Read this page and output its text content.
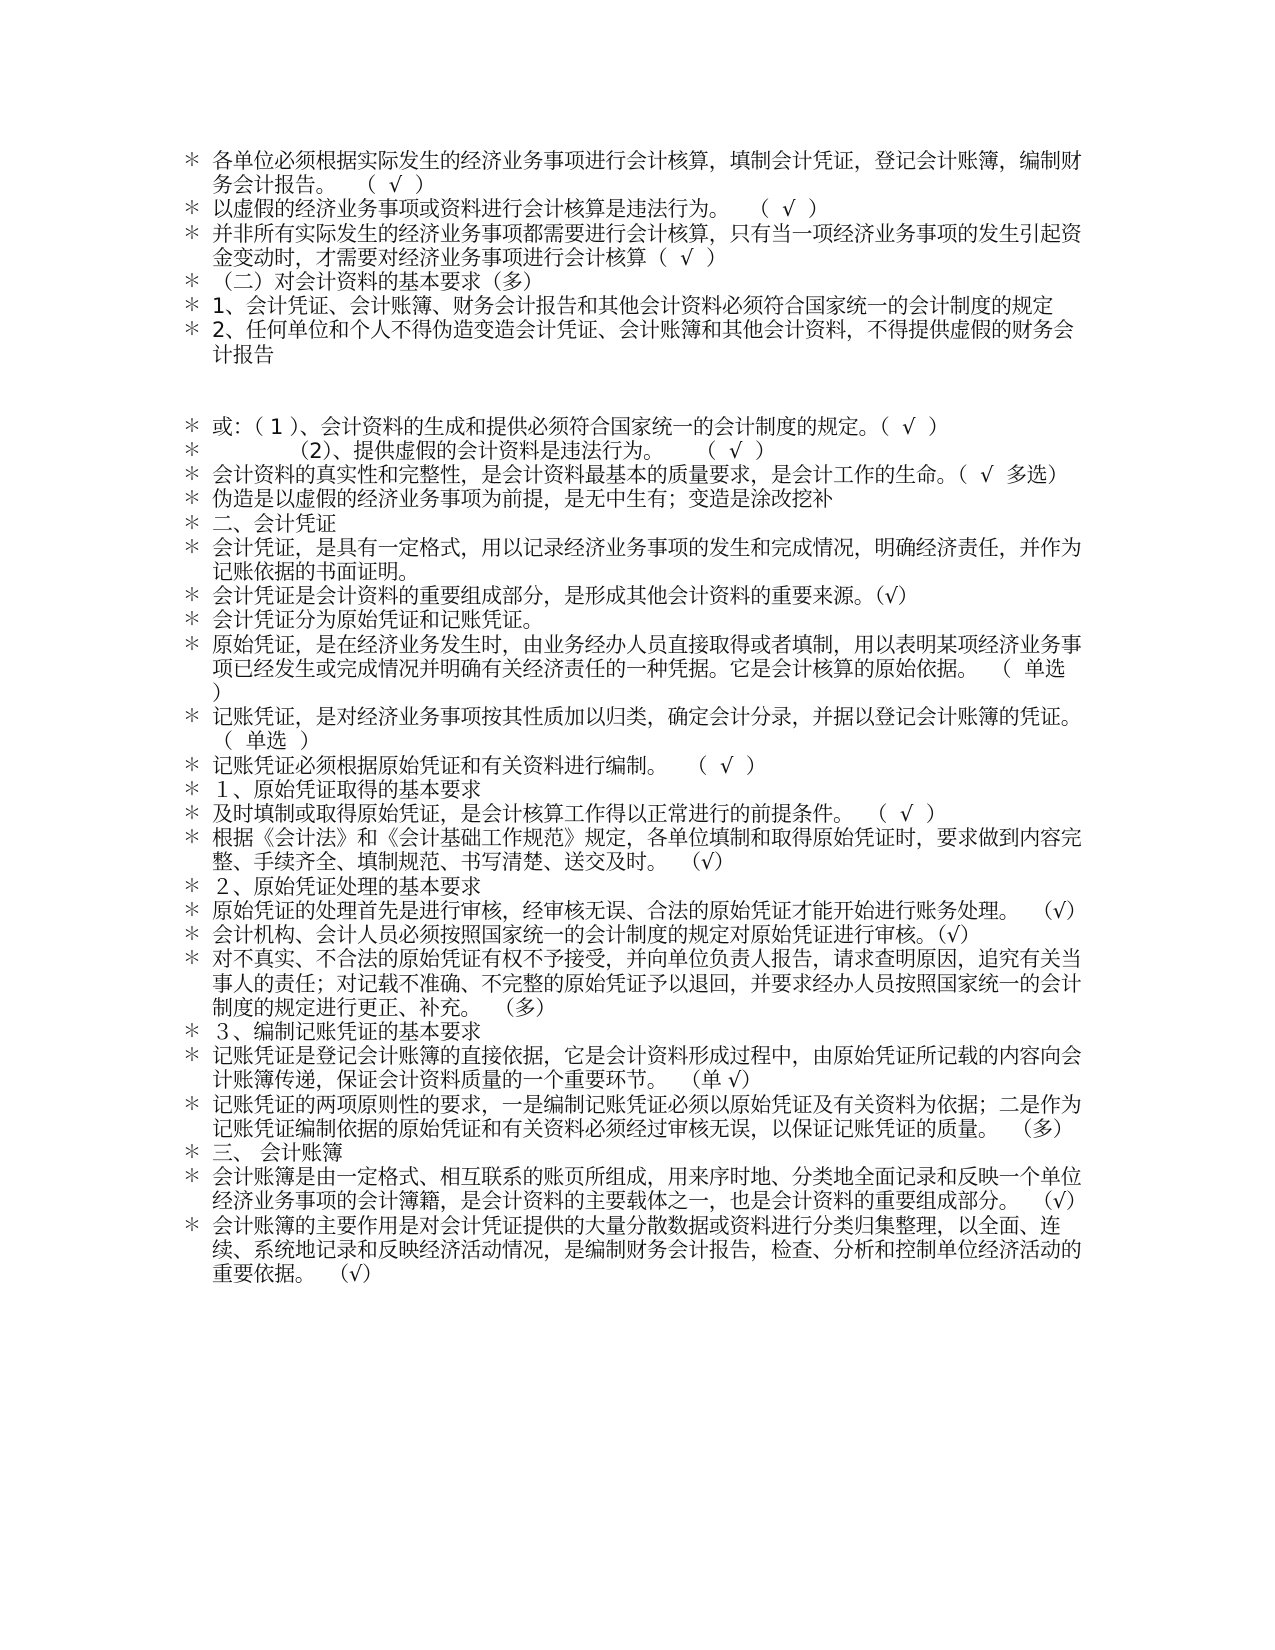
＊ 各单位必须根据实际发生的经济业务事项进行会计核算，填制会计凭证，登记会计账簿，编制财务会计报告。   （  √  ）
＊ 以虚假的经济业务事项或资料进行会计核算是违法行为。   （  √  ）
＊ 并非所有实际发生的经济业务事项都需要进行会计核算，只有当一项经济业务事项的发生引起资金变动时，才需要对经济业务事项进行会计核算（  √  ）
＊ （二）对会计资料的基本要求（多）
＊ 1、会计凭证、会计账簿、财务会计报告和其他会计资料必须符合国家统一的会计制度的规定
＊ 2、任何单位和个人不得伪造变造会计凭证、会计账簿和其他会计资料，不得提供虚假的财务会计报告
＊ 或：（ 1 ）、会计资料的生成和提供必须符合国家统一的会计制度的规定。（  √  ）
＊ （2）、提供虚假的会计资料是违法行为。     （  √  ）
＊ 会计资料的真实性和完整性，是会计资料最基本的质量要求，是会计工作的生命。（  √  多选）
＊ 伪造是以虚假的经济业务事项为前提，是无中生有；变造是涂改挖补
＊ 二、会计凭证
＊ 会计凭证，是具有一定格式，用以记录经济业务事项的发生和完成情况，明确经济责任，并作为记账依据的书面证明。
＊ 会计凭证是会计资料的重要组成部分，是形成其他会计资料的重要来源。（√）
＊ 会计凭证分为原始凭证和记账凭证。
＊ 原始凭证，是在经济业务发生时，由业务经办人员直接取得或者填制，用以表明某项经济业务事项已经发生或完成情况并明确有关经济责任的一种凭据。它是会计核算的原始依据。  （  单选  ）
＊ 记账凭证，是对经济业务事项按其性质加以归类，确定会计分录，并据以登记会计账簿的凭证。（  单选  ）
＊ 记账凭证必须根据原始凭证和有关资料进行编制。   （  √  ）
＊ １、原始凭证取得的基本要求
＊ 及时填制或取得原始凭证，是会计核算工作得以正常进行的前提条件。  （  √  ）
＊ 根据《会计法》和《会计基础工作规范》规定，各单位填制和取得原始凭证时，要求做到内容完整、手续齐全、填制规范、书写清楚、送交及时。  （√）
＊ ２、原始凭证处理的基本要求
＊ 原始凭证的处理首先是进行审核，经审核无误、合法的原始凭证才能开始进行账务处理。  （√）
＊ 会计机构、会计人员必须按照国家统一的会计制度的规定对原始凭证进行审核。（√）
＊ 对不真实、不合法的原始凭证有权不予接受，并向单位负责人报告，请求查明原因，追究有关当事人的责任；对记载不准确、不完整的原始凭证予以退回，并要求经办人员按照国家统一的会计制度的规定进行更正、补充。  （多）
＊ ３、编制记账凭证的基本要求
＊ 记账凭证是登记会计账簿的直接依据，它是会计资料形成过程中，由原始凭证所记载的内容向会计账簿传递，保证会计资料质量的一个重要环节。  （单 √）
＊ 记账凭证的两项原则性的要求，一是编制记账凭证必须以原始凭证及有关资料为依据；二是作为记账凭证编制依据的原始凭证和有关资料必须经过审核无误，以保证记账凭证的质量。  （多）
＊ 三、 会计账簿
＊ 会计账簿是由一定格式、相互联系的账页所组成，用来序时地、分类地全面记录和反映一个单位经济业务事项的会计簿籍，是会计资料的主要载体之一，也是会计资料的重要组成部分。  （√）
＊ 会计账簿的主要作用是对会计凭证提供的大量分散数据或资料进行分类归集整理，以全面、连续、系统地记录和反映经济活动情况，是编制财务会计报告，检查、分析和控制单位经济活动的重要依据。  （√）
